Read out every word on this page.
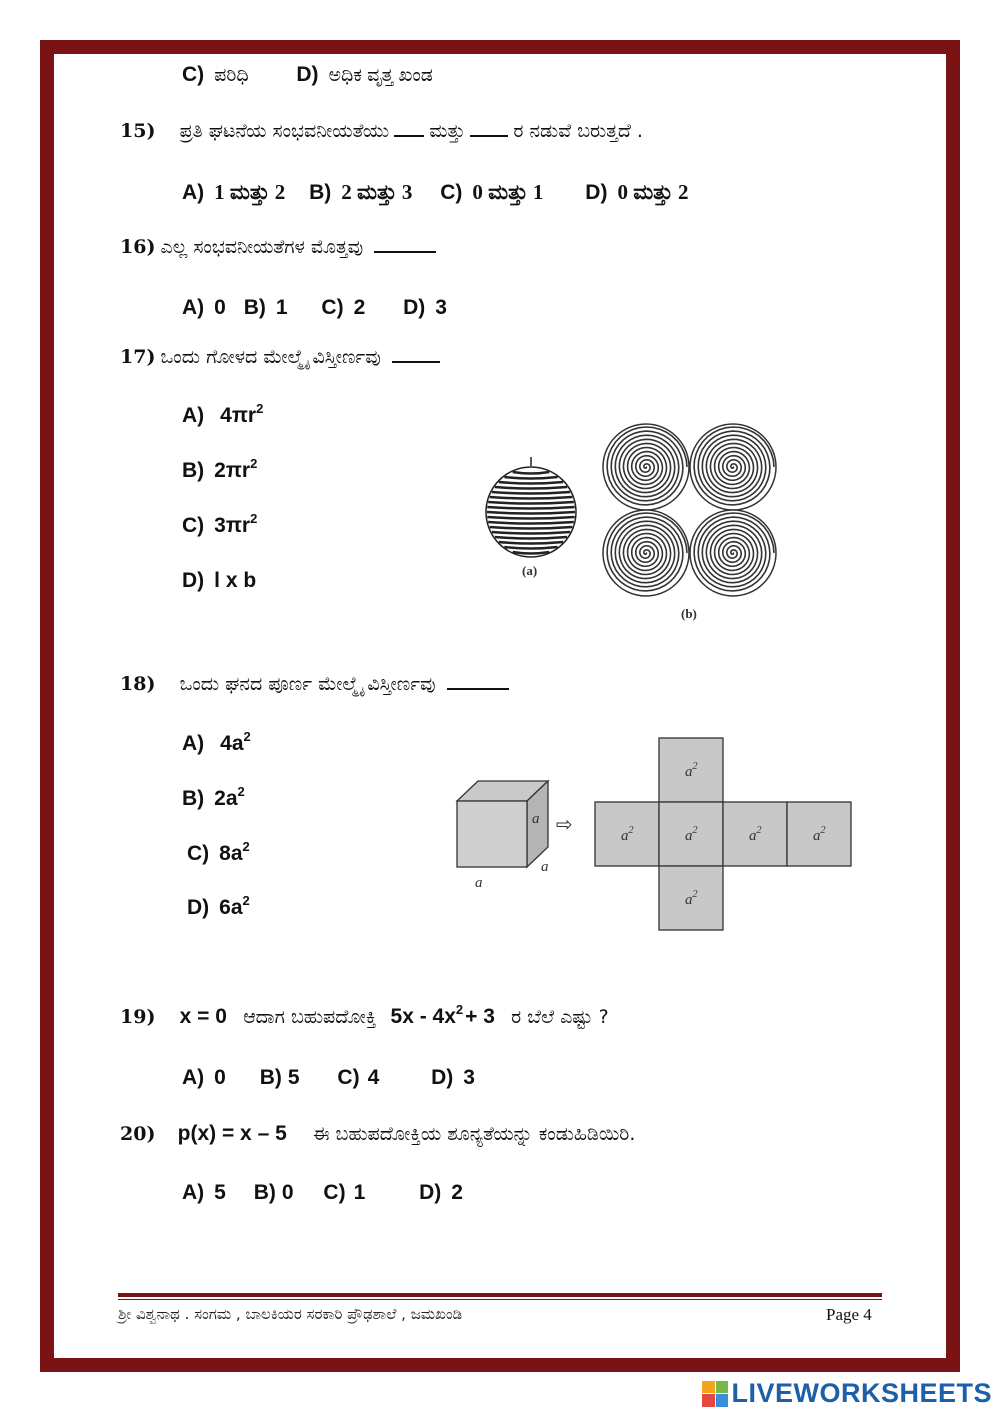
C) ಪರಿಧಿ D) ಅಧಿಕ ವೃತ್ತ ಖಂಡ
15) ಪ್ರತಿ ಘಟನೆಯ ಸಂಭವನೀಯತೆಯು ಮತ್ತು	ರ ನಡುವೆ ಬರುತ್ತದೆ .
A) 1 ಮತ್ತು 2 B) 2 ಮತ್ತು 3 C) 0 ಮತ್ತು 1 D) 0 ಮತ್ತು 2
16) ಎಲ್ಲ ಸಂಭವನೀಯತೆಗಳ ಮೊತ್ತವು
A) 0 B) 1 C) 2 D) 3
17) ಒಂದು ಗೋಳದ ಮೇಲ್ಮೈ ವಿಸ್ತೀರ್ಣವು
A) $4\pi r^2$
B) $2\pi r^2$
C) $3\pi r^2$
D) l x b	(a)
(b)
18) ಒಂದು ಘನದ ಪೂರ್ಣ ಮೇಲ್ಮೈ ವಿಸ್ತೀರ್ಣವು
A) $4a^2$
B) $2a^2$
C) $8a^2$
D) $6a^2$
a
a
a
⇨
$a^2$
$a^2$	$a^2$	$a^2$	$a^2$
$a^2$
19) x = 0 ಆದಾಗ ಬಹುಪದೋಕ್ತಿ $5x - 4x^2+ 3$ ರ ಬೆಲೆ ಎಷ್ಟು ?
A) 0 B) 5 C) 4 D) 3
20) p(x) = x – 5 ಈ ಬಹುಪದೋಕ್ತಿಯ ಶೂನ್ಯತೆಯನ್ನು ಕಂಡುಹಿಡಿಯಿರಿ.
A) 5 B) 0 C) 1	D) 2
ಶ್ರೀ ವಿಶ್ವನಾಥ . ಸಂಗಮ , ಬಾಲಕಿಯರ ಸರಕಾರಿ ಪ್ರೌಢಶಾಲೆ , ಜಮಖಂಡಿ	Page 4
LIVEWORKSHEETS
